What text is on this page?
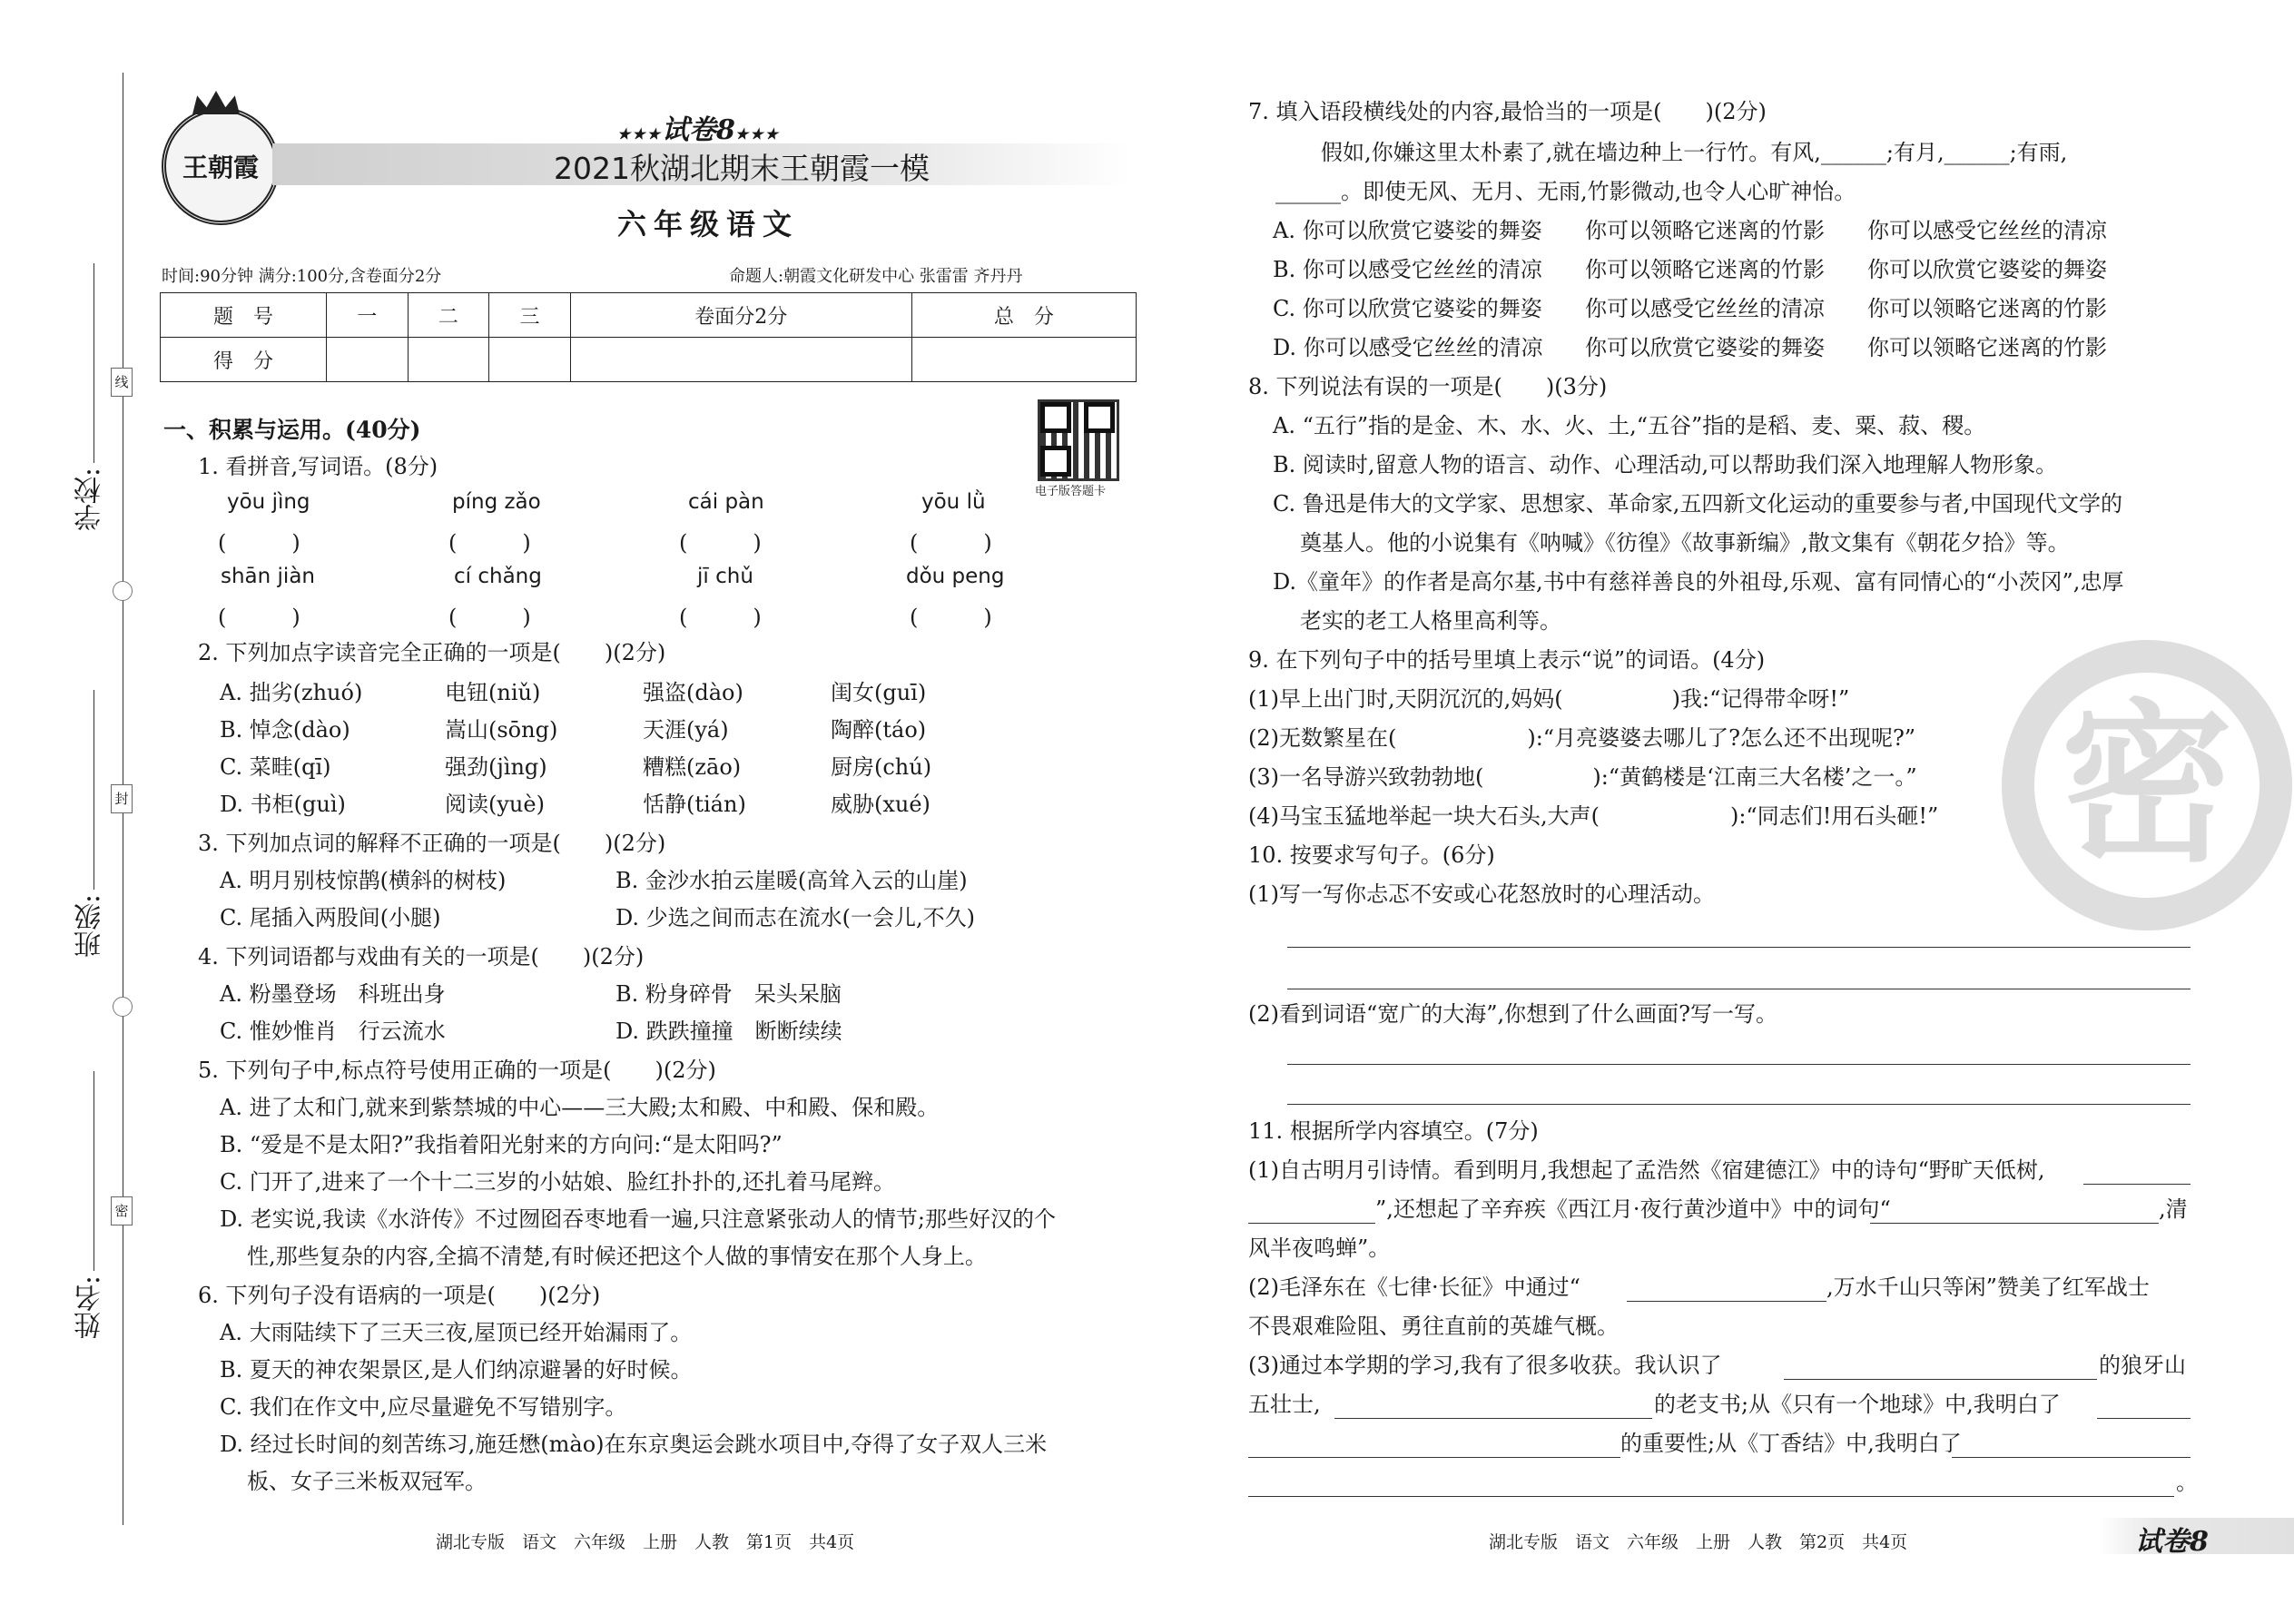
线
封
密
学校:
班级:
姓名:
王朝霞
★★★试卷8★★★
2021秋湖北期末王朝霞一模
六年级语文
时间:90分钟 满分:100分,含卷面分2分	命题人:朝霞文化研发中心 张雷雷 齐丹丹
题　号	一	二	三	卷面分2分	总　分
得　分					
电子版答题卡
一、积累与运用。(40分)
1. 看拼音,写词语。(8分)
yōu jìng	píng zǎo	cái pàn	yōu lǜ
(　　　)	(　　　)	(　　　)	(　　　)
shān jiàn	cí chǎng	jī chǔ	dǒu peng
(　　　)	(　　　)	(　　　)	(　　　)
2. 下列加点字读音完全正确的一项是(　　)(2分)
A. 拙劣(zhuó)	电钮(niǔ)	强盗(dào)	闺女(guī)
B. 悼念(dào)	嵩山(sōng)	天涯(yá)	陶醉(táo)
C. 菜畦(qī)	强劲(jìng)	糟糕(zāo)	厨房(chú)
D. 书柜(guì)	阅读(yuè)	恬静(tián)	威胁(xué)
3. 下列加点词的解释不正确的一项是(　　)(2分)
A. 明月别枝惊鹊(横斜的树枝)	B. 金沙水拍云崖暖(高耸入云的山崖)
C. 尾插入两股间(小腿)	D. 少选之间而志在流水(一会儿,不久)
4. 下列词语都与戏曲有关的一项是(　　)(2分)
A. 粉墨登场　科班出身	B. 粉身碎骨　呆头呆脑
C. 惟妙惟肖　行云流水	D. 跌跌撞撞　断断续续
5. 下列句子中,标点符号使用正确的一项是(　　)(2分)
A. 进了太和门,就来到紫禁城的中心——三大殿;太和殿、中和殿、保和殿。
B. “爱是不是太阳?”我指着阳光射来的方向问:“是太阳吗?”
C. 门开了,进来了一个十二三岁的小姑娘、脸红扑扑的,还扎着马尾辫。
D. 老实说,我读《水浒传》不过囫囵吞枣地看一遍,只注意紧张动人的情节;那些好汉的个
性,那些复杂的内容,全搞不清楚,有时候还把这个人做的事情安在那个人身上。
6. 下列句子没有语病的一项是(　　)(2分)
A. 大雨陆续下了三天三夜,屋顶已经开始漏雨了。
B. 夏天的神农架景区,是人们纳凉避暑的好时候。
C. 我们在作文中,应尽量避免不写错别字。
D. 经过长时间的刻苦练习,施廷懋(mào)在东京奥运会跳水项目中,夺得了女子双人三米
板、女子三米板双冠军。
湖北专版　语文　六年级　上册　人教　第1页　共4页
密
7. 填入语段横线处的内容,最恰当的一项是(　　)(2分)
假如,你嫌这里太朴素了,就在墙边种上一行竹。有风,______;有月,______;有雨,
______。即使无风、无月、无雨,竹影微动,也令人心旷神怡。
A. 你可以欣赏它婆娑的舞姿 你可以领略它迷离的竹影 你可以感受它丝丝的清凉
B. 你可以感受它丝丝的清凉 你可以领略它迷离的竹影 你可以欣赏它婆娑的舞姿
C. 你可以欣赏它婆娑的舞姿 你可以感受它丝丝的清凉 你可以领略它迷离的竹影
D. 你可以感受它丝丝的清凉 你可以欣赏它婆娑的舞姿 你可以领略它迷离的竹影
8. 下列说法有误的一项是(　　)(3分)
A. “五行”指的是金、木、水、火、土,“五谷”指的是稻、麦、粟、菽、稷。
B. 阅读时,留意人物的语言、动作、心理活动,可以帮助我们深入地理解人物形象。
C. 鲁迅是伟大的文学家、思想家、革命家,五四新文化运动的重要参与者,中国现代文学的
奠基人。他的小说集有《呐喊》《彷徨》《故事新编》,散文集有《朝花夕拾》等。
D.《童年》的作者是高尔基,书中有慈祥善良的外祖母,乐观、富有同情心的“小茨冈”,忠厚
老实的老工人格里高利等。
9. 在下列句子中的括号里填上表示“说”的词语。(4分)
(1)早上出门时,天阴沉沉的,妈妈(　　　　　)我:“记得带伞呀!”
(2)无数繁星在(　　　　　　):“月亮婆婆去哪儿了?怎么还不出现呢?”
(3)一名导游兴致勃勃地(　　　　　):“黄鹤楼是‘江南三大名楼’之一。”
(4)马宝玉猛地举起一块大石头,大声(　　　　　　):“同志们!用石头砸!”
10. 按要求写句子。(6分)
(1)写一写你忐忑不安或心花怒放时的心理活动。
(2)看到词语“宽广的大海”,你想到了什么画面?写一写。
11. 根据所学内容填空。(7分)
(1)自古明月引诗情。看到明月,我想起了孟浩然《宿建德江》中的诗句“野旷天低树,
”,还想起了辛弃疾《西江月·夜行黄沙道中》中的词句“	,清
风半夜鸣蝉”。
(2)毛泽东在《七律·长征》中通过“	,万水千山只等闲”赞美了红军战士
不畏艰难险阻、勇往直前的英雄气概。
(3)通过本学期的学习,我有了很多收获。我认识了	的狼牙山
五壮士,	的老支书;从《只有一个地球》中,我明白了
的重要性;从《丁香结》中,我明白了
。
湖北专版　语文　六年级　上册　人教　第2页　共4页	试卷8
